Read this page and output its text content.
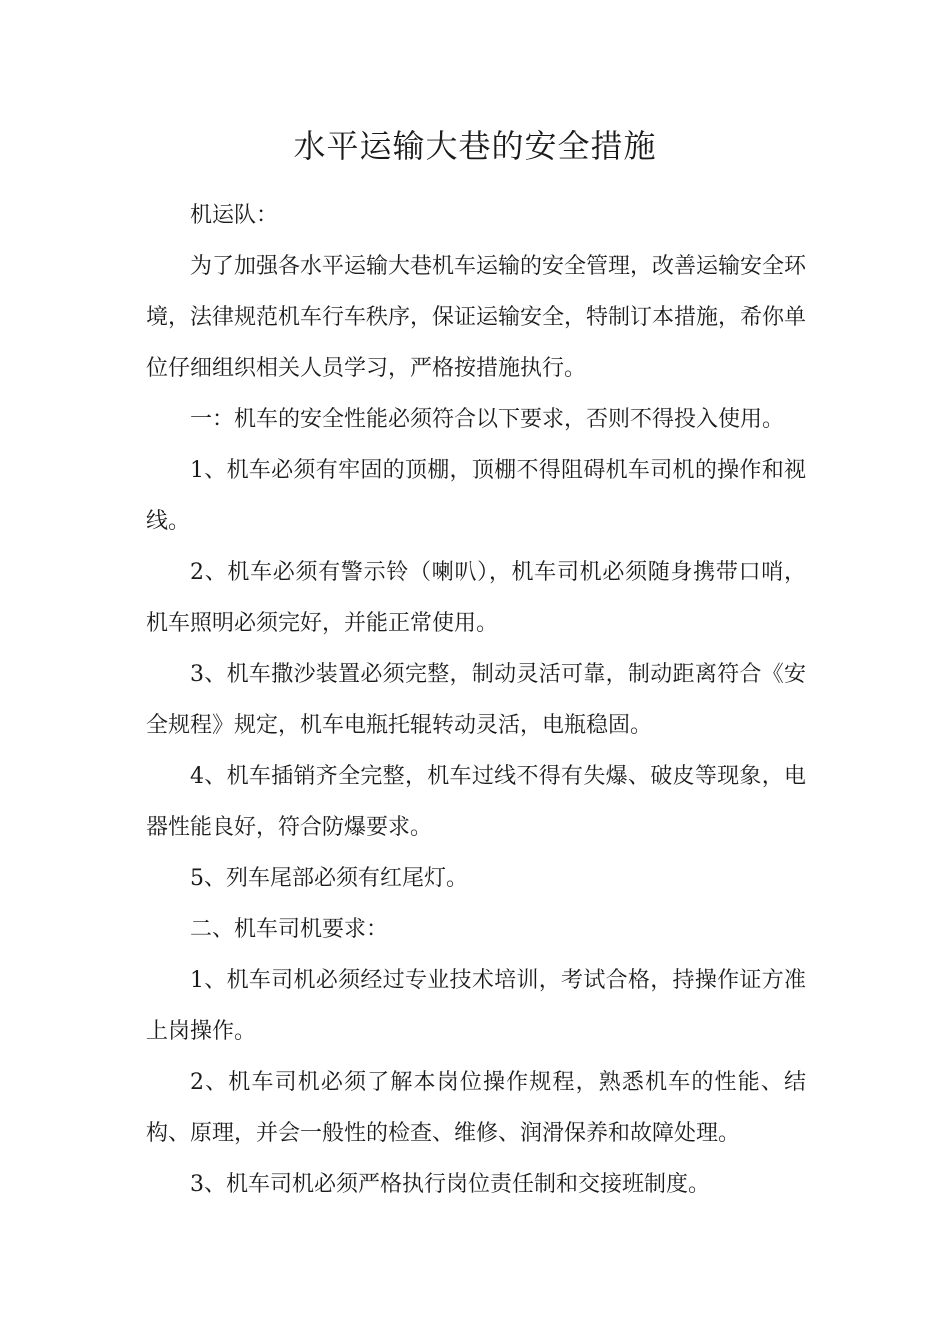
水平运输大巷的安全措施

机运队：

为了加强各水平运输大巷机车运输的安全管理，改善运输安全环境，法律规范机车行车秩序，保证运输安全，特制订本措施，希你单位仔细组织相关人员学习，严格按措施执行。

一：机车的安全性能必须符合以下要求，否则不得投入使用。

1、机车必须有牢固的顶棚，顶棚不得阻碍机车司机的操作和视线。

2、机车必须有警示铃（喇叭），机车司机必须随身携带口哨，机车照明必须完好，并能正常使用。

3、机车撒沙装置必须完整，制动灵活可靠，制动距离符合《安全规程》规定，机车电瓶托辊转动灵活，电瓶稳固。

4、机车插销齐全完整，机车过线不得有失爆、破皮等现象，电器性能良好，符合防爆要求。

5、列车尾部必须有红尾灯。

二、机车司机要求：

1、机车司机必须经过专业技术培训，考试合格，持操作证方准上岗操作。

2、机车司机必须了解本岗位操作规程，熟悉机车的性能、结构、原理，并会一般性的检查、维修、润滑保养和故障处理。

3、机车司机必须严格执行岗位责任制和交接班制度。
